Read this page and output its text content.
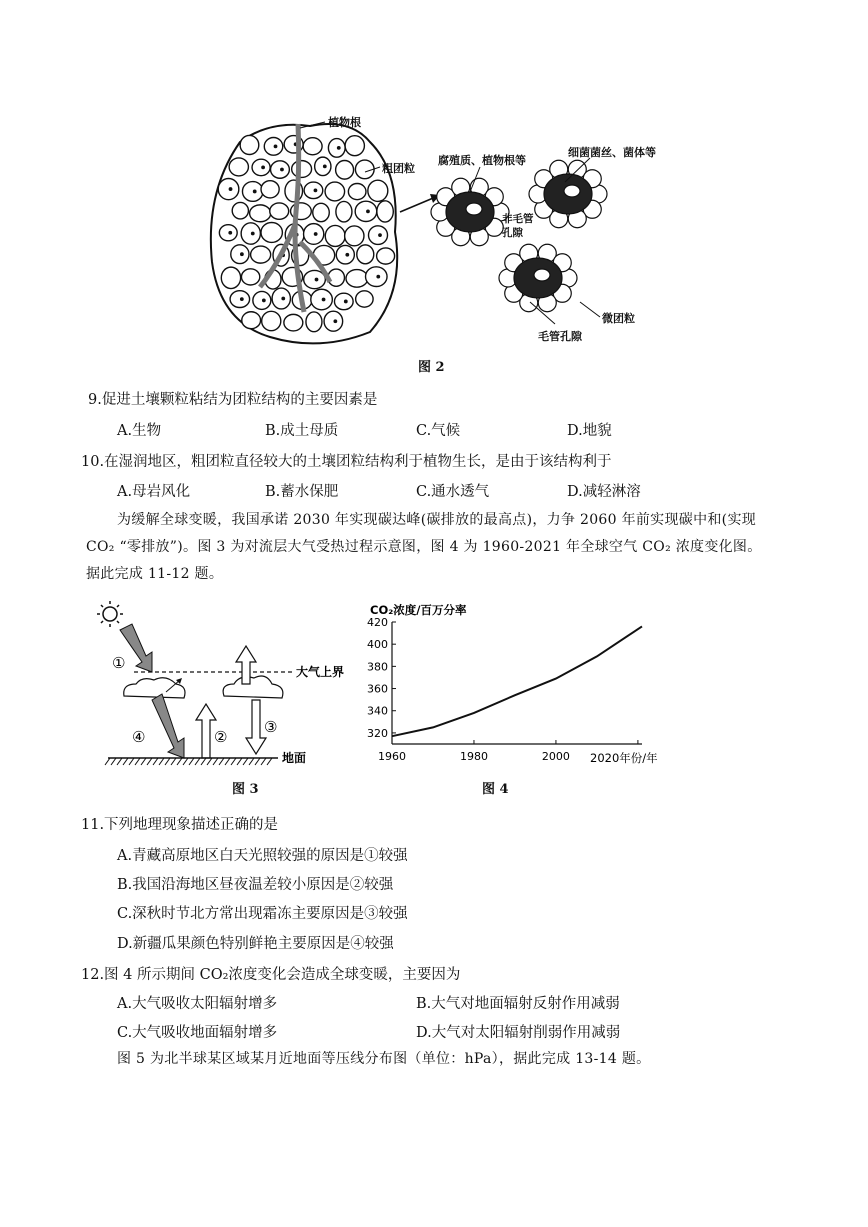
植物根
粗团粒
腐殖质、植物根等
细菌菌丝、菌体等
非毛管孔隙
微团粒
毛管孔隙
图 2
9.促进土壤颗粒粘结为团粒结构的主要因素是
A.生物	B.成土母质	C.气候	D.地貌
10.在湿润地区，粗团粒直径较大的土壤团粒结构利于植物生长，是由于该结构利于
A.母岩风化	B.蓄水保肥	C.通水透气	D.减轻淋溶
为缓解全球变暖，我国承诺 2030 年实现碳达峰(碳排放的最高点)，力争 2060 年前实现碳中和(实现
CO₂ “零排放”)。图 3 为对流层大气受热过程示意图，图 4 为 1960-2021 年全球空气 CO₂ 浓度变化图。
据此完成 11-12 题。
大气上界
地面
①
②
③
④
图 3
CO₂浓度/百万分率
320
340
360
380
400
420
1960	1980	2000 2020年份/年
图 4
11.下列地理现象描述正确的是
A.青藏高原地区白天光照较强的原因是①较强
B.我国沿海地区昼夜温差较小原因是②较强
C.深秋时节北方常出现霜冻主要原因是③较强
D.新疆瓜果颜色特别鲜艳主要原因是④较强
12.图 4 所示期间 CO₂浓度变化会造成全球变暖，主要因为
A.大气吸收太阳辐射增多	B.大气对地面辐射反射作用减弱
C.大气吸收地面辐射增多	D.大气对太阳辐射削弱作用减弱
图 5 为北半球某区域某月近地面等压线分布图（单位：hPa），据此完成 13-14 题。
